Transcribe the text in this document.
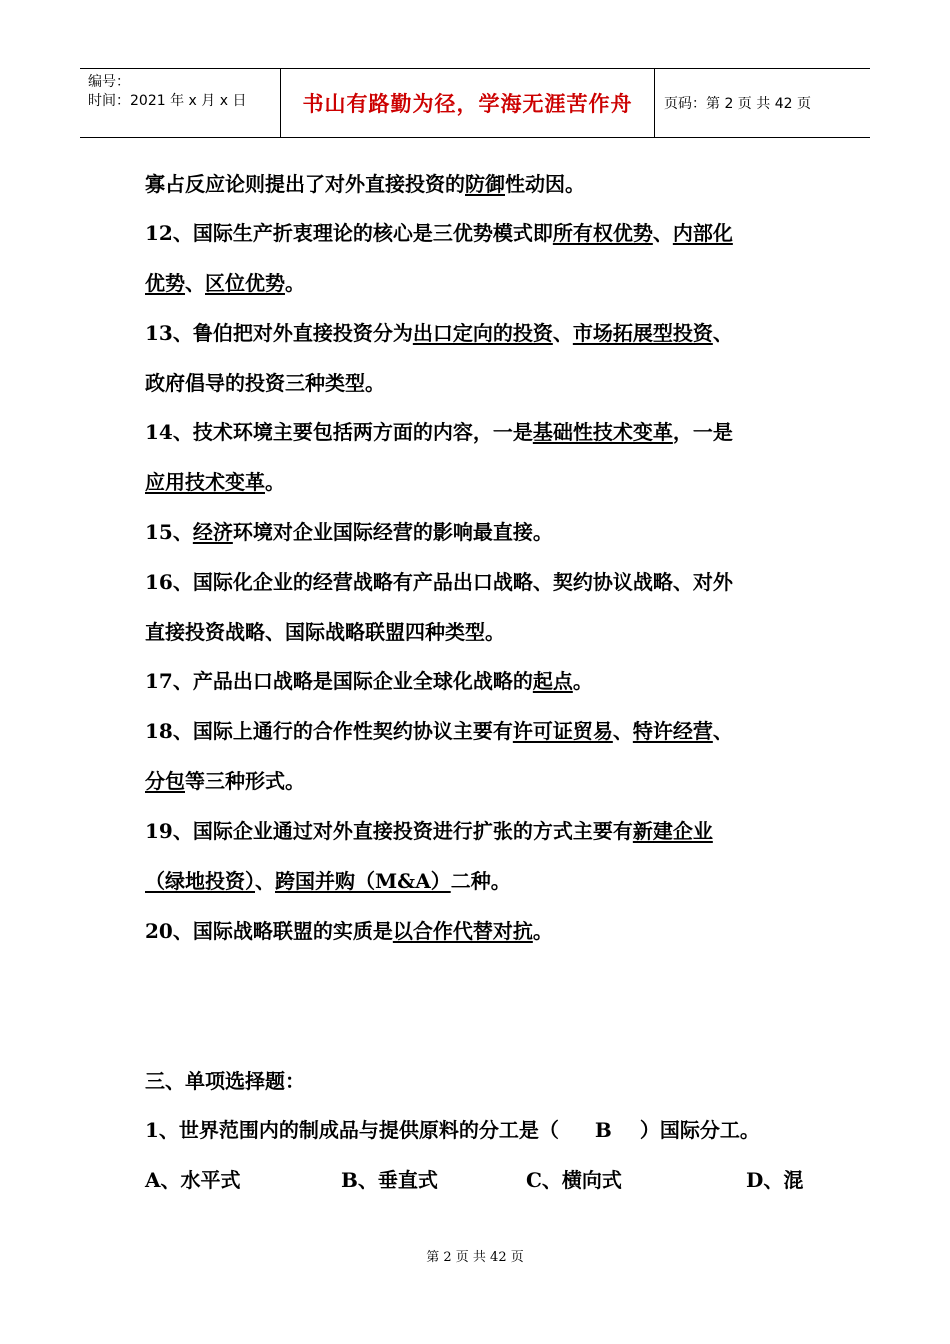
编号：
时间：2021 年 x 月 x 日	书山有路勤为径，学海无涯苦作舟	页码：第 2 页 共 42 页
寡占反应论则提出了对外直接投资的防御性动因。
12、国际生产折衷理论的核心是三优势模式即所有权优势、内部化
优势、区位优势。
13、鲁伯把对外直接投资分为出口定向的投资、市场拓展型投资、
政府倡导的投资三种类型。
14、技术环境主要包括两方面的内容，一是基础性技术变革，一是
应用技术变革。
15、经济环境对企业国际经营的影响最直接。
16、国际化企业的经营战略有产品出口战略、契约协议战略、对外
直接投资战略、国际战略联盟四种类型。
17、产品出口战略是国际企业全球化战略的起点。
18、国际上通行的合作性契约协议主要有许可证贸易、特许经营、
分包等三种形式。
19、国际企业通过对外直接投资进行扩张的方式主要有新建企业
（绿地投资）、跨国并购（M&A）二种。
20、国际战略联盟的实质是以合作代替对抗。
三、单项选择题：
1、世界范围内的制成品与提供原料的分工是（ B ）国际分工。
A、水平式	B、垂直式	C、横向式	D、混
第 2 页 共 42 页
